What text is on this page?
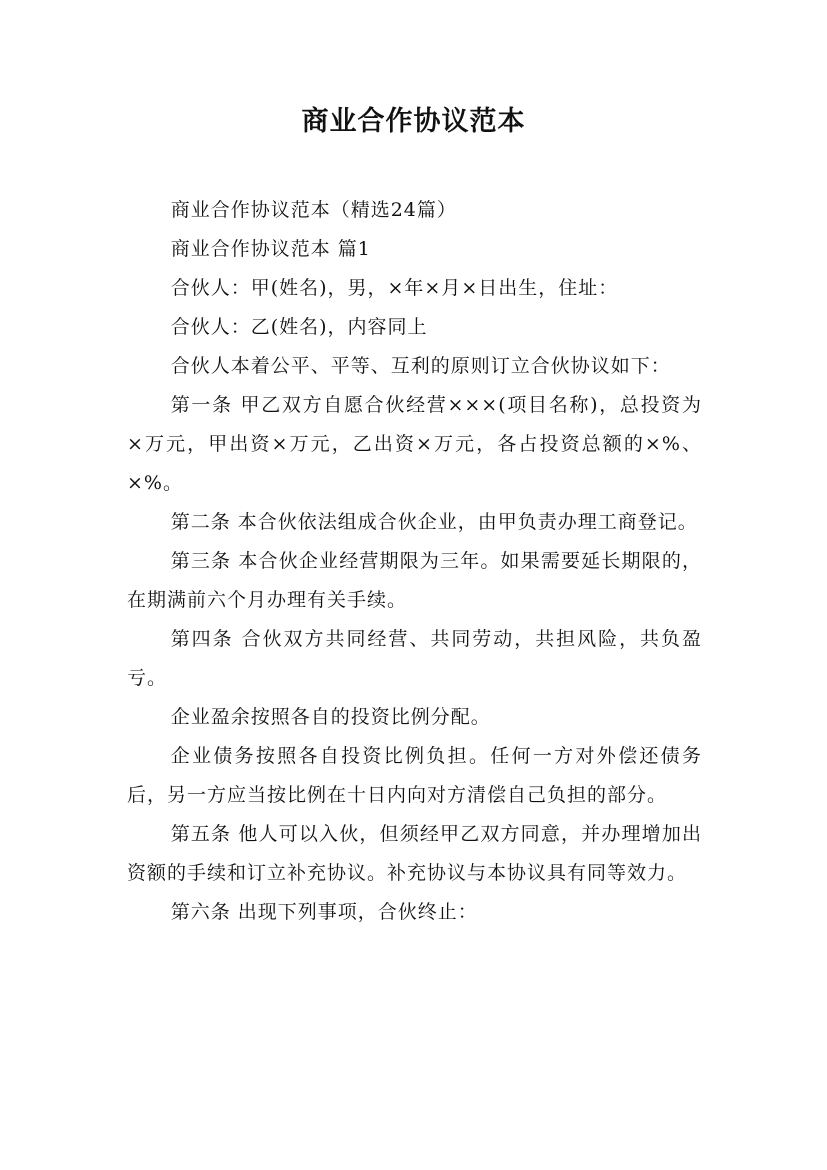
商业合作协议范本

商业合作协议范本（精选24篇）

商业合作协议范本 篇1

合伙人：甲(姓名)，男，×年×月×日出生，住址：

合伙人：乙(姓名)，内容同上

合伙人本着公平、平等、互利的原则订立合伙协议如下：

第一条 甲乙双方自愿合伙经营×××(项目名称)，总投资为×万元，甲出资×万元，乙出资×万元，各占投资总额的×%、×%。

第二条 本合伙依法组成合伙企业，由甲负责办理工商登记。

第三条 本合伙企业经营期限为三年。如果需要延长期限的，在期满前六个月办理有关手续。

第四条 合伙双方共同经营、共同劳动，共担风险，共负盈亏。

企业盈余按照各自的投资比例分配。

企业债务按照各自投资比例负担。任何一方对外偿还债务后，另一方应当按比例在十日内向对方清偿自己负担的部分。

第五条 他人可以入伙，但须经甲乙双方同意，并办理增加出资额的手续和订立补充协议。补充协议与本协议具有同等效力。

第六条 出现下列事项，合伙终止：
